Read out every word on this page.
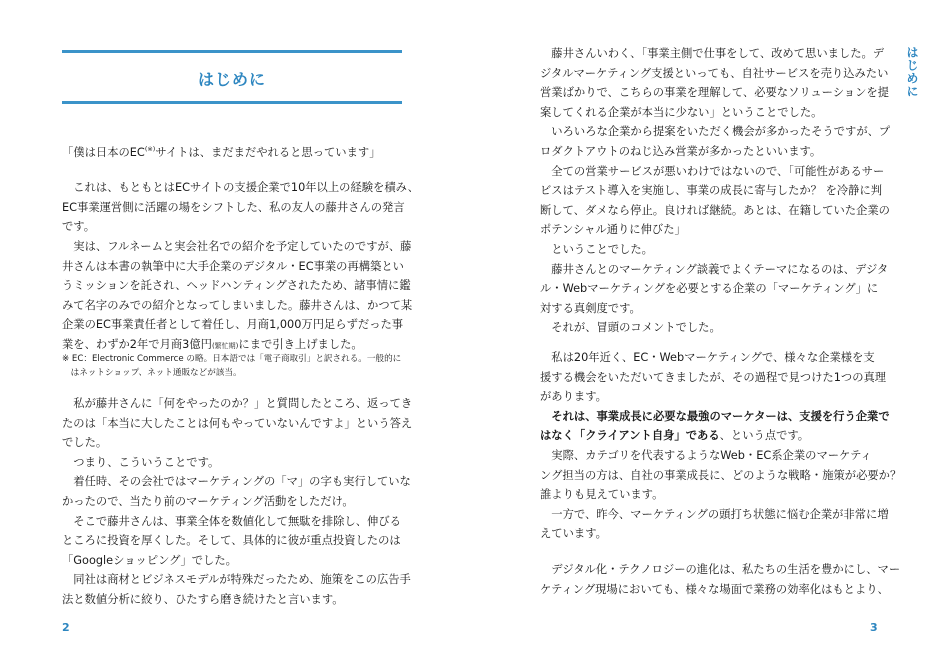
はじめに
「僕は日本のEC(※)サイトは、まだまだやれると思っています」

　これは、もともとはECサイトの支援企業で10年以上の経験を積み、

EC事業運営側に活躍の場をシフトした、私の友人の藤井さんの発言

です。

　実は、フルネームと実会社名での紹介を予定していたのですが、藤

井さんは本書の執筆中に大手企業のデジタル・EC事業の再構築とい

うミッションを託され、ヘッドハンティングされたため、諸事情に鑑

みて名字のみでの紹介となってしまいました。藤井さんは、かつて某

企業のEC事業責任者として着任し、月商1,000万円足らずだった事

業を、わずか2年で月商3億円(繁忙期)にまで引き上げました。

※ EC：Electronic Commerce の略。日本語では「電子商取引」と訳される。一般的に

　はネットショップ、ネット通販などが該当。

　私が藤井さんに「何をやったのか？」と質問したところ、返ってき

たのは「本当に大したことは何もやっていないんですよ」という答え

でした。

　つまり、こういうことです。

　着任時、その会社ではマーケティングの「マ」の字も実行していな

かったので、当たり前のマーケティング活動をしただけ。

　そこで藤井さんは、事業全体を数値化して無駄を排除し、伸びる

ところに投資を厚くした。そして、具体的に彼が重点投資したのは

「Googleショッピング」でした。

　同社は商材とビジネスモデルが特殊だったため、施策をこの広告手

法と数値分析に絞り、ひたすら磨き続けたと言います。

2
はじめに

　藤井さんいわく、「事業主側で仕事をして、改めて思いました。デ

ジタルマーケティング支援といっても、自社サービスを売り込みたい

営業ばかりで、こちらの事業を理解して、必要なソリューションを提

案してくれる企業が本当に少ない」ということでした。

　いろいろな企業から提案をいただく機会が多かったそうですが、プ

ロダクトアウトのねじ込み営業が多かったといいます。

　全ての営業サービスが悪いわけではないので、「可能性があるサー

ビスはテスト導入を実施し、事業の成長に寄与したか？ を冷静に判

断して、ダメなら停止。良ければ継続。あとは、在籍していた企業の

ポテンシャル通りに伸びた」

　ということでした。

　藤井さんとのマーケティング談義でよくテーマになるのは、デジタ

ル・Webマーケティングを必要とする企業の「マーケティング」に

対する真剣度です。

　それが、冒頭のコメントでした。

　私は20年近く、EC・Webマーケティングで、様々な企業様を支

援する機会をいただいてきましたが、その過程で見つけた1つの真理

があります。

　それは、事業成長に必要な最強のマーケターは、支援を行う企業で

はなく「クライアント自身」である、という点です。

　実際、カテゴリを代表するようなWeb・EC系企業のマーケティ

ング担当の方は、自社の事業成長に、どのような戦略・施策が必要か？

誰よりも見えています。

　一方で、昨今、マーケティングの頭打ち状態に悩む企業が非常に増

えています。

　デジタル化・テクノロジーの進化は、私たちの生活を豊かにし、マー

ケティング現場においても、様々な場面で業務の効率化はもとより、

3
